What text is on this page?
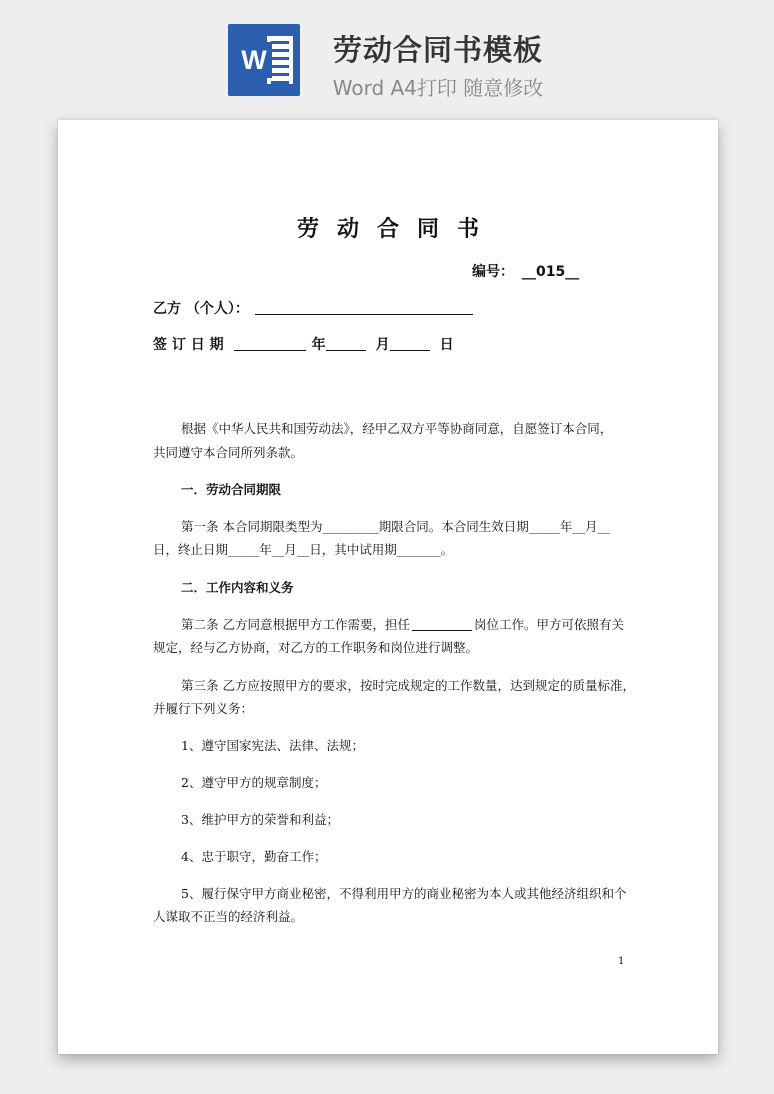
W	劳动合同书模板
Word A4打印 随意修改
劳动合同书
编号： __015__
乙方 （个人）：
签 订 日 期	年	月	日
根据《中华人民共和国劳动法》，经甲乙双方平等协商同意，自愿签订本合同，
共同遵守本合同所列条款。
一．劳动合同期限
第一条 本合同期限类型为_________期限合同。本合同生效日期_____年__月__
日，终止日期_____年__月__日，其中试用期_______。
二．工作内容和义务
第二条 乙方同意根据甲方工作需要，担任	岗位工作。甲方可依照有关
规定，经与乙方协商，对乙方的工作职务和岗位进行调整。
第三条 乙方应按照甲方的要求，按时完成规定的工作数量，达到规定的质量标准，
并履行下列义务：
1、遵守国家宪法、法律、法规；
2、遵守甲方的规章制度；
3、维护甲方的荣誉和利益；
4、忠于职守，勤奋工作；
5、履行保守甲方商业秘密，不得利用甲方的商业秘密为本人或其他经济组织和个
人谋取不正当的经济利益。
1
